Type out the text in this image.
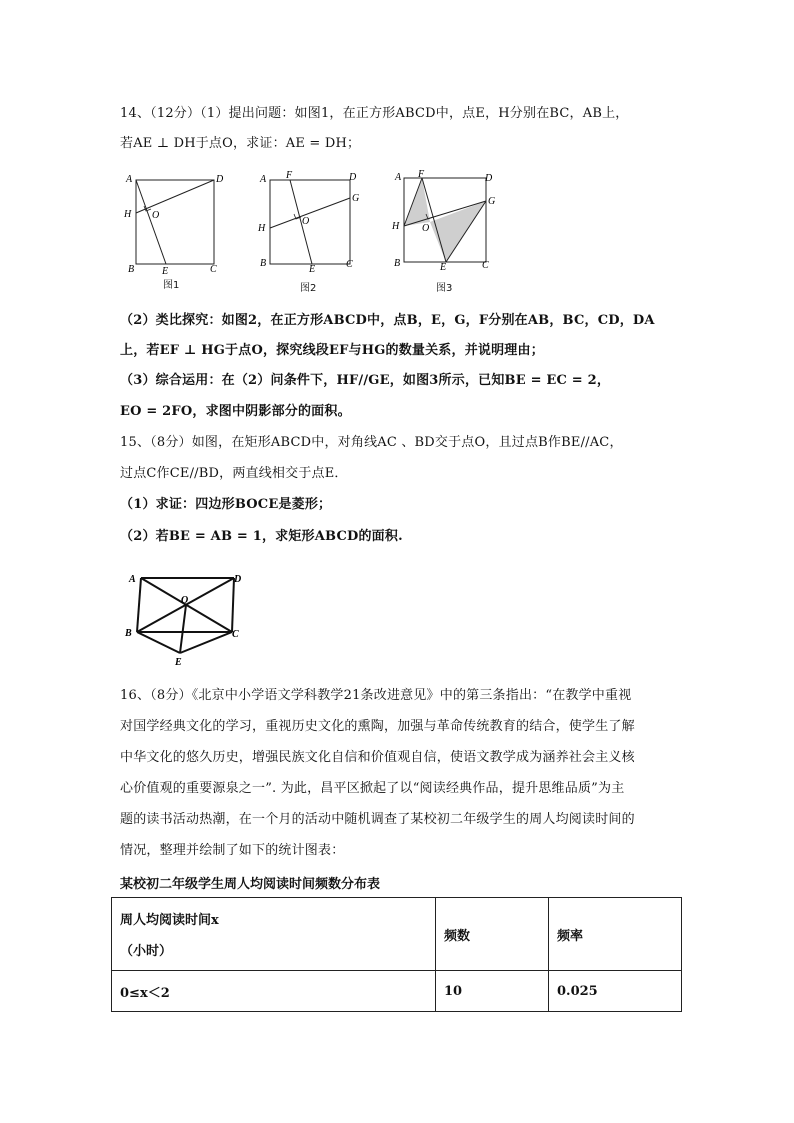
14、（12分）（1）提出问题：如图1，在正方形ABCD中，点E，H分别在BC，AB上，
若AE ⊥ DH于点O，求证：AE = DH；
A	D
H O
B	E	C
图1
A F	D
G
H
O
B
E	C
图2
A F	D
G
H O
B	E	C
图3
（2）类比探究：如图2，在正方形ABCD中，点B，E，G，F分别在AB，BC，CD，DA
上，若EF ⊥ HG于点O，探究线段EF与HG的数量关系，并说明理由；
（3）综合运用：在（2）问条件下，HF//GE，如图3所示，已知BE = EC = 2，
EO = 2FO，求图中阴影部分的面积。
15、（8分）如图，在矩形ABCD中，对角线AC 、BD交于点O，且过点B作BE//AC，
过点C作CE//BD，两直线相交于点E．
（1）求证：四边形BOCE是菱形；
（2）若BE = AB = 1，求矩形ABCD的面积.
A	D
O
B	C
E
16、（8分）《北京中小学语文学科教学21条改进意见》中的第三条指出：“在教学中重视
对国学经典文化的学习，重视历史文化的熏陶，加强与革命传统教育的结合，使学生了解
中华文化的悠久历史，增强民族文化自信和价值观自信，使语文教学成为涵养社会主义核
心价值观的重要源泉之一”. 为此，昌平区掀起了以“阅读经典作品，提升思维品质”为主
题的读书活动热潮，在一个月的活动中随机调查了某校初二年级学生的周人均阅读时间的
情况，整理并绘制了如下的统计图表：
某校初二年级学生周人均阅读时间频数分布表
周人均阅读时间x
（小时）	频数	频率
0≤x＜2	10	0.025
